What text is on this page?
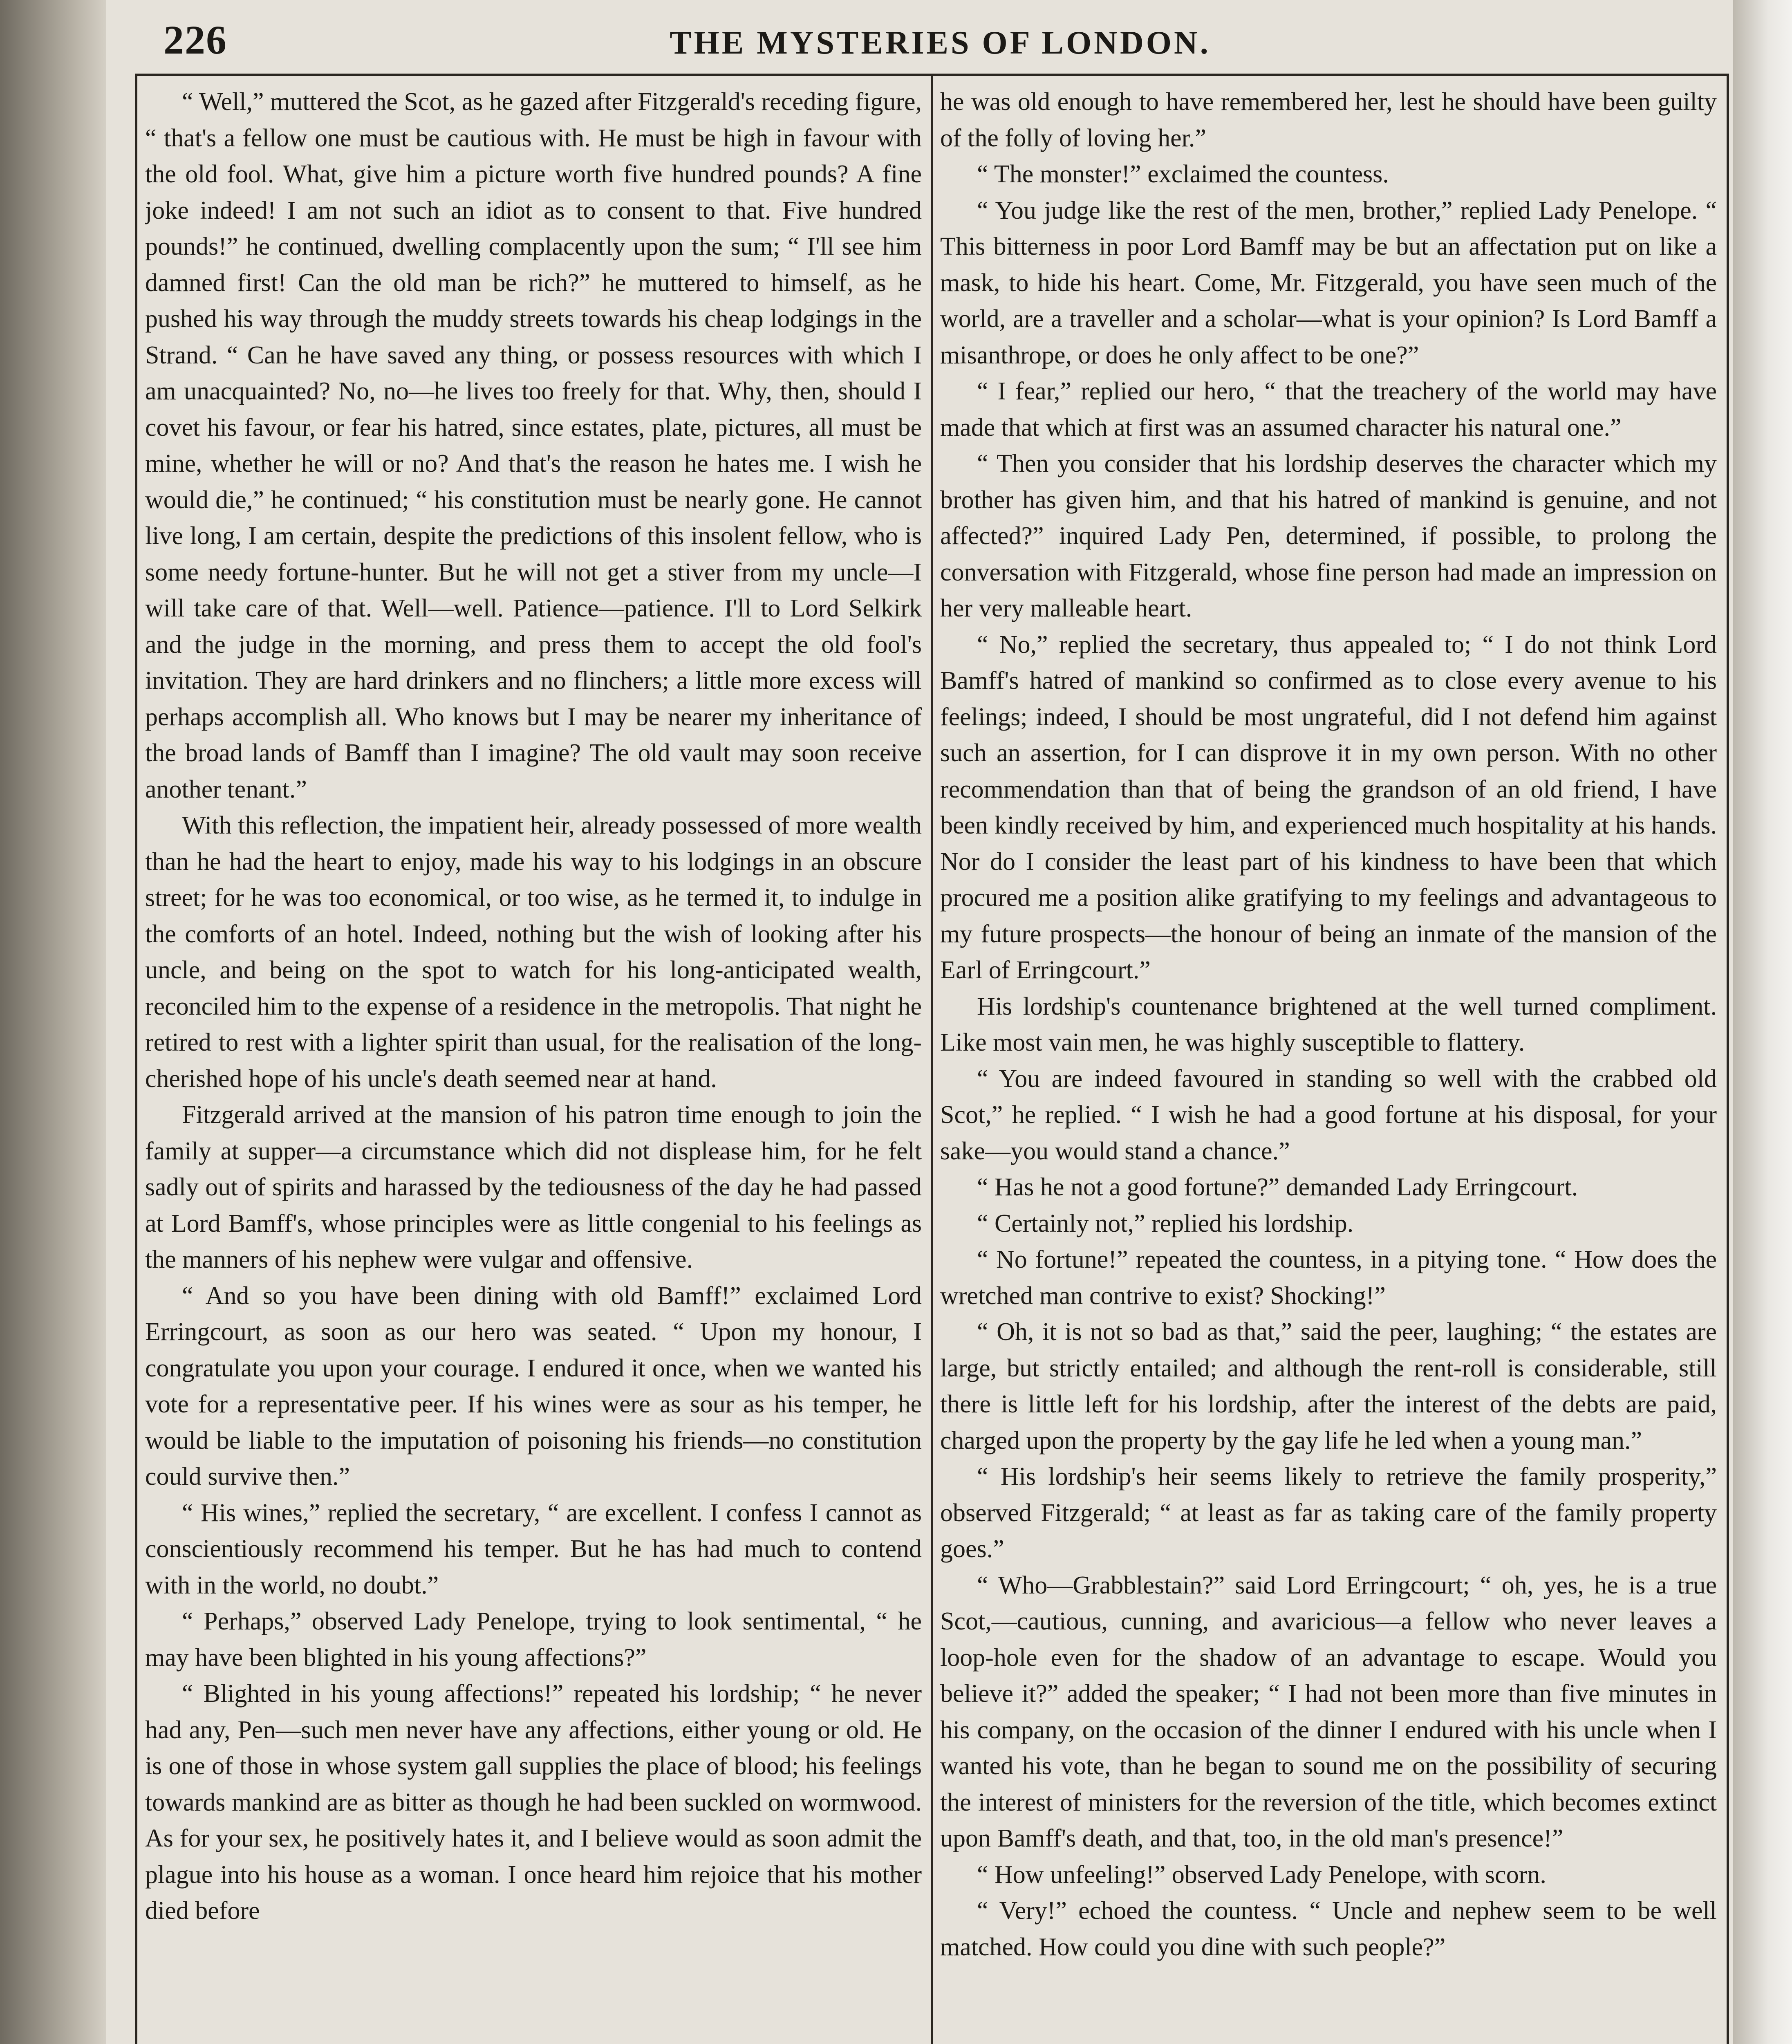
226	THE MYSTERIES OF LONDON.

“ Well,” muttered the Scot, as he gazed after Fitzgerald's receding figure, “ that's a fellow one must be cautious with. He must be high in favour with the old fool. What, give him a picture worth five hundred pounds? A fine joke indeed! I am not such an idiot as to consent to that. Five hundred pounds!” he continued, dwelling complacently upon the sum; “ I'll see him damned first! Can the old man be rich?” he muttered to himself, as he pushed his way through the muddy streets towards his cheap lodgings in the Strand. “ Can he have saved any thing, or possess resources with which I am unacquainted? No, no—he lives too freely for that. Why, then, should I covet his favour, or fear his hatred, since estates, plate, pictures, all must be mine, whether he will or no? And that's the reason he hates me. I wish he would die,” he continued; “ his constitution must be nearly gone. He cannot live long, I am certain, despite the predictions of this insolent fellow, who is some needy fortune-hunter. But he will not get a stiver from my uncle—I will take care of that. Well—well. Patience—patience. I'll to Lord Selkirk and the judge in the morning, and press them to accept the old fool's invitation. They are hard drinkers and no flinchers; a little more excess will perhaps accomplish all. Who knows but I may be nearer my inheritance of the broad lands of Bamff than I imagine? The old vault may soon receive another tenant.”

With this reflection, the impatient heir, already possessed of more wealth than he had the heart to enjoy, made his way to his lodgings in an obscure street; for he was too economical, or too wise, as he termed it, to indulge in the comforts of an hotel. Indeed, nothing but the wish of looking after his uncle, and being on the spot to watch for his long-anticipated wealth, reconciled him to the expense of a residence in the metropolis. That night he retired to rest with a lighter spirit than usual, for the realisation of the long-cherished hope of his uncle's death seemed near at hand.

Fitzgerald arrived at the mansion of his patron time enough to join the family at supper—a circumstance which did not displease him, for he felt sadly out of spirits and harassed by the tediousness of the day he had passed at Lord Bamff's, whose principles were as little congenial to his feelings as the manners of his nephew were vulgar and offensive.

“ And so you have been dining with old Bamff!” exclaimed Lord Erringcourt, as soon as our hero was seated. “ Upon my honour, I congratulate you upon your courage. I endured it once, when we wanted his vote for a representative peer. If his wines were as sour as his temper, he would be liable to the imputation of poisoning his friends—no constitution could survive then.”

“ His wines,” replied the secretary, “ are excellent. I confess I cannot as conscientiously recommend his temper. But he has had much to contend with in the world, no doubt.”

“ Perhaps,” observed Lady Penelope, trying to look sentimental, “ he may have been blighted in his young affections?”

“ Blighted in his young affections!” repeated his lordship; “ he never had any, Pen—such men never have any affections, either young or old. He is one of those in whose system gall supplies the place of blood; his feelings towards mankind are as bitter as though he had been suckled on wormwood. As for your sex, he positively hates it, and I believe would as soon admit the plague into his house as a woman. I once heard him rejoice that his mother died before

he was old enough to have remembered her, lest he should have been guilty of the folly of loving her.”

“ The monster!” exclaimed the countess.

“ You judge like the rest of the men, brother,” replied Lady Penelope. “ This bitterness in poor Lord Bamff may be but an affectation put on like a mask, to hide his heart. Come, Mr. Fitzgerald, you have seen much of the world, are a traveller and a scholar—what is your opinion? Is Lord Bamff a misanthrope, or does he only affect to be one?”

“ I fear,” replied our hero, “ that the treachery of the world may have made that which at first was an assumed character his natural one.”

“ Then you consider that his lordship deserves the character which my brother has given him, and that his hatred of mankind is genuine, and not affected?” inquired Lady Pen, determined, if possible, to prolong the conversation with Fitzgerald, whose fine person had made an impression on her very malleable heart.

“ No,” replied the secretary, thus appealed to; “ I do not think Lord Bamff's hatred of mankind so confirmed as to close every avenue to his feelings; indeed, I should be most ungrateful, did I not defend him against such an assertion, for I can disprove it in my own person. With no other recommendation than that of being the grandson of an old friend, I have been kindly received by him, and experienced much hospitality at his hands. Nor do I consider the least part of his kindness to have been that which procured me a position alike gratifying to my feelings and advantageous to my future prospects—the honour of being an inmate of the mansion of the Earl of Erringcourt.”

His lordship's countenance brightened at the well turned compliment. Like most vain men, he was highly susceptible to flattery.

“ You are indeed favoured in standing so well with the crabbed old Scot,” he replied. “ I wish he had a good fortune at his disposal, for your sake—you would stand a chance.”

“ Has he not a good fortune?” demanded Lady Erringcourt.

“ Certainly not,” replied his lordship.

“ No fortune!” repeated the countess, in a pitying tone. “ How does the wretched man contrive to exist? Shocking!”

“ Oh, it is not so bad as that,” said the peer, laughing; “ the estates are large, but strictly entailed; and although the rent-roll is considerable, still there is little left for his lordship, after the interest of the debts are paid, charged upon the property by the gay life he led when a young man.”

“ His lordship's heir seems likely to retrieve the family prosperity,” observed Fitzgerald; “ at least as far as taking care of the family property goes.”

“ Who—Grabblestain?” said Lord Erringcourt; “ oh, yes, he is a true Scot,—cautious, cunning, and avaricious—a fellow who never leaves a loop-hole even for the shadow of an advantage to escape. Would you believe it?” added the speaker; “ I had not been more than five minutes in his company, on the occasion of the dinner I endured with his uncle when I wanted his vote, than he began to sound me on the possibility of securing the interest of ministers for the reversion of the title, which becomes extinct upon Bamff's death, and that, too, in the old man's presence!”

“ How unfeeling!” observed Lady Penelope, with scorn.

“ Very!” echoed the countess. “ Uncle and nephew seem to be well matched. How could you dine with such people?”
